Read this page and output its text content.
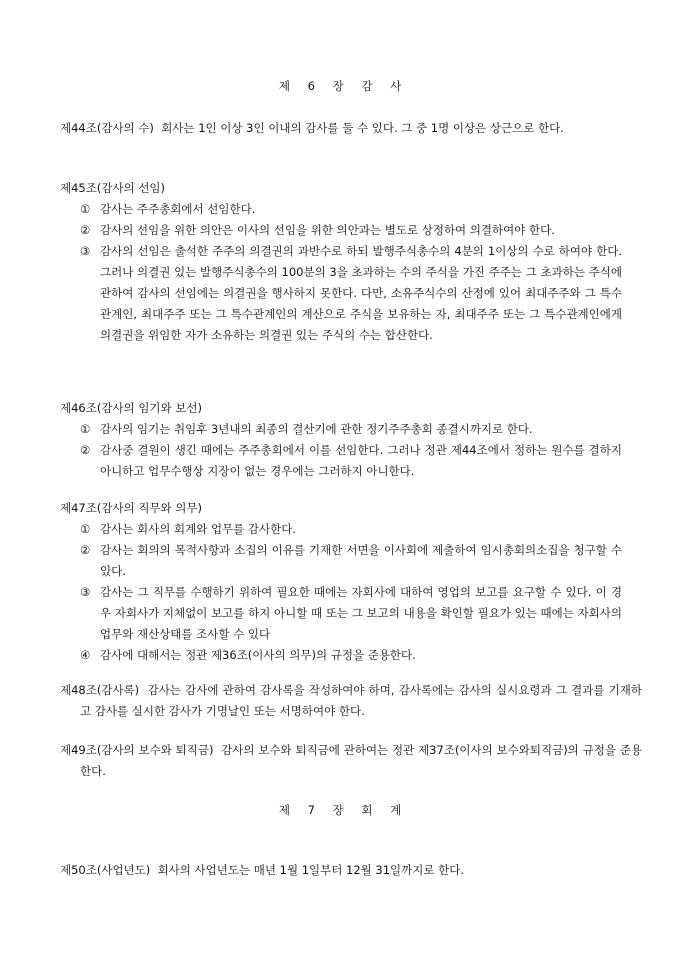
제 6 장 감 사
제44조(감사의 수) 회사는 1인 이상 3인 이내의 감사를 둘 수 있다. 그 중 1명 이상은 상근으로 한다.
제45조(감사의 선임)
① 감사는 주주총회에서 선임한다.
② 감사의 선임을 위한 의안은 이사의 선임을 위한 의안과는 별도로 상정하여 의결하여야 한다.
③ 감사의 선임은 출석한 주주의 의결권의 과반수로 하되 발행주식총수의 4분의 1이상의 수로 하여야 한다. 그러나 의결권 있는 발행주식총수의 100분의 3을 초과하는 수의 주식을 가진 주주는 그 초과하는 주식에 관하여 감사의 선임에는 의결권을 행사하지 못한다. 다만, 소유주식수의 산정에 있어 최대주주와 그 특수관계인, 최대주주 또는 그 특수관계인의 계산으로 주식을 보유하는 자, 최대주주 또는 그 특수관계인에게 의결권을 위임한 자가 소유하는 의결권 있는 주식의 수는 합산한다.
제46조(감사의 임기와 보선)
① 감사의 임기는 취임후 3년내의 최종의 결산기에 관한 정기주주총회 종결시까지로 한다.
② 감사중 결원이 생긴 때에는 주주총회에서 이를 선임한다. 그러나 정관 제44조에서 정하는 원수를 결하지 아니하고 업무수행상 지장이 없는 경우에는 그러하지 아니한다.
제47조(감사의 직무와 의무)
① 감사는 회사의 회계와 업무를 감사한다.
② 감사는 회의의 목적사항과 소집의 이유를 기재한 서면을 이사회에 제출하여 임시총회의소집을 청구할 수 있다.
③ 감사는 그 직무를 수행하기 위하여 필요한 때에는 자회사에 대하여 영업의 보고를 요구할 수 있다. 이 경우 자회사가 지체없이 보고를 하지 아니할 때 또는 그 보고의 내용을 확인할 필요가 있는 때에는 자회사의 업무와 재산상태를 조사할 수 있다
④ 감사에 대해서는 정관 제36조(이사의 의무)의 규정을 준용한다.
제48조(감사록) 감사는 감사에 관하여 감사록을 작성하여야 하며, 감사록에는 감사의 실시요령과 그 결과를 기재하고 감사를 실시한 감사가 기명날인 또는 서명하여야 한다.
제49조(감사의 보수와 퇴직금) 감사의 보수와 퇴직금에 관하여는 정관 제37조(이사의 보수와퇴직금)의 규정을 준용한다.
제 7 장 회 계
제50조(사업년도) 회사의 사업년도는 매년 1월 1일부터 12월 31일까지로 한다.
